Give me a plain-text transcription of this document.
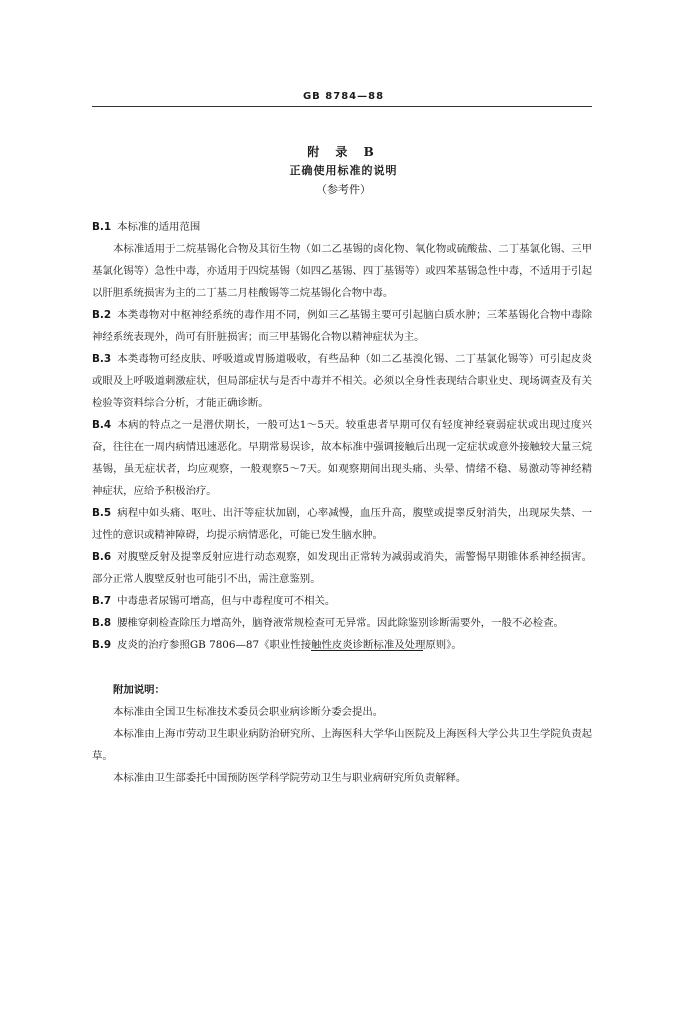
GB 8784—88
附 录 B
正确使用标准的说明
（参考件）

B.1 本标准的适用范围

本标准适用于二烷基锡化合物及其衍生物（如二乙基锡的卤化物、氧化物或硫酸盐、二丁基氯化锡、三甲基氯化锡等）急性中毒，亦适用于四烷基锡（如四乙基锡、四丁基锡等）或四苯基锡急性中毒，不适用于引起以肝胆系统损害为主的二丁基二月桂酸锡等二烷基锡化合物中毒。

B.2 本类毒物对中枢神经系统的毒作用不同，例如三乙基锡主要可引起脑白质水肿；三苯基锡化合物中毒除神经系统表现外，尚可有肝脏损害；而三甲基锡化合物以精神症状为主。

B.3 本类毒物可经皮肤、呼吸道或胃肠道吸收，有些品种（如二乙基溴化锡、二丁基氯化锡等）可引起皮炎或眼及上呼吸道刺激症状，但局部症状与是否中毒并不相关。必须以全身性表现结合职业史、现场调查及有关检验等资料综合分析，才能正确诊断。

B.4 本病的特点之一是潜伏期长，一般可达1～5天。较重患者早期可仅有轻度神经衰弱症状或出现过度兴奋，往往在一周内病情迅速恶化。早期常易误诊，故本标准中强调接触后出现一定症状或意外接触较大量三烷基锡，虽无症状者，均应观察，一般观察5～7天。如观察期间出现头痛、头晕、情绪不稳、易激动等神经精神症状，应给予积极治疗。

B.5 病程中如头痛、呕吐、出汗等症状加剧，心率减慢，血压升高，腹壁或提睾反射消失，出现尿失禁、一过性的意识或精神障碍，均提示病情恶化，可能已发生脑水肿。

B.6 对腹壁反射及提睾反射应进行动态观察，如发现出正常转为减弱或消失，需警惕早期锥体系神经损害。部分正常人腹壁反射也可能引不出，需注意鉴别。

B.7 中毒患者尿锡可增高，但与中毒程度可不相关。

B.8 腰椎穿刺检查除压力增高外，脑脊液常规检查可无异常。因此除鉴别诊断需要外，一般不必检查。

B.9 皮炎的治疗参照GB 7806—87《职业性接触性皮炎诊断标准及处理原则》。

附加说明：

本标准由全国卫生标准技术委员会职业病诊断分委会提出。

本标准由上海市劳动卫生职业病防治研究所、上海医科大学华山医院及上海医科大学公共卫生学院负责起草。

本标准由卫生部委托中国预防医学科学院劳动卫生与职业病研究所负责解释。
